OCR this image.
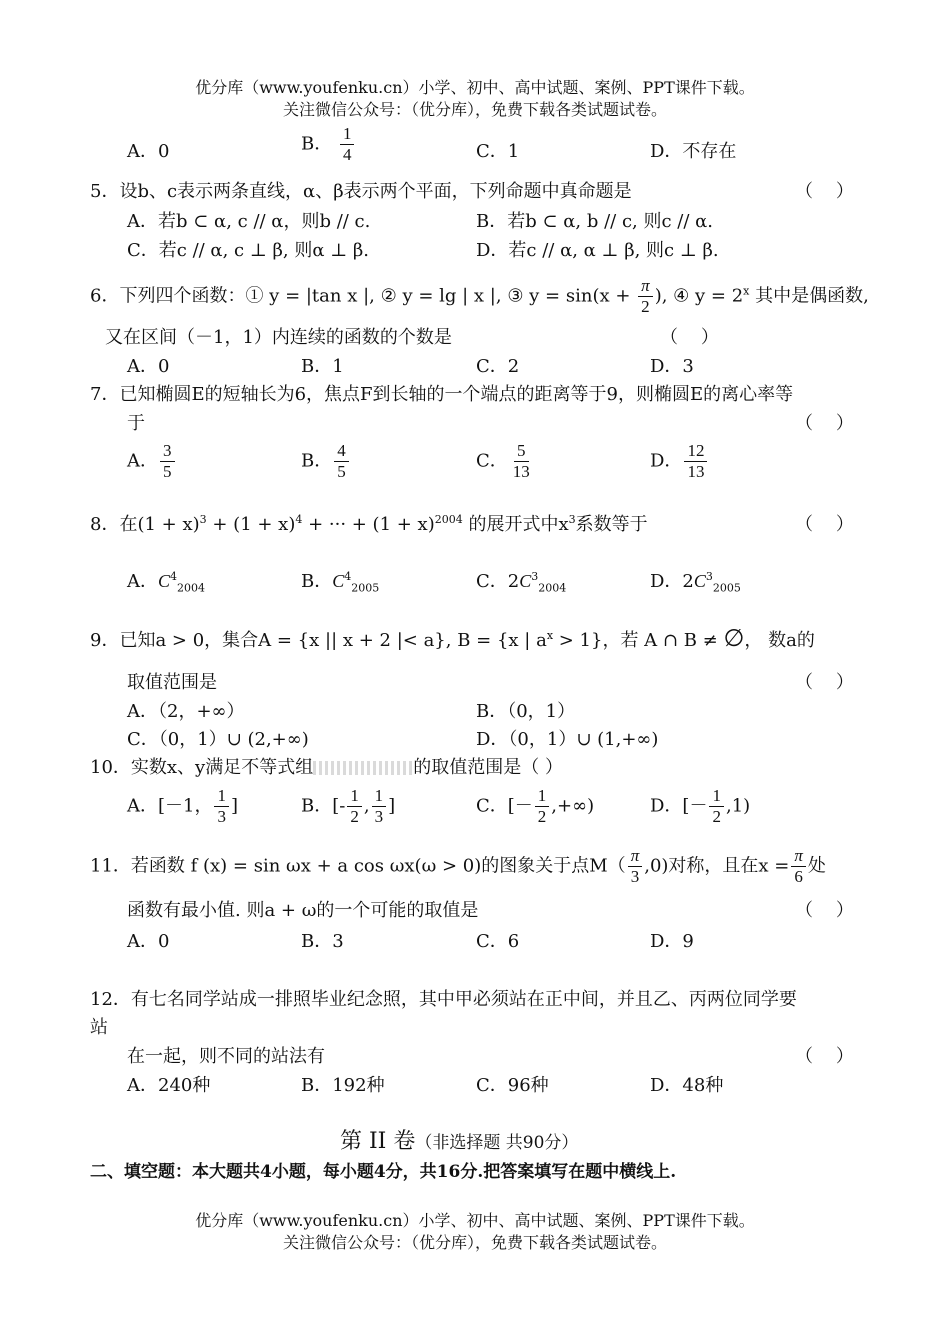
优分库（www.youfenku.cn）小学、初中、高中试题、案例、PPT课件下载。
关注微信公众号：（优分库），免费下载各类试题试卷。
A．0	B． $\frac{1}{4}$	C．1	D．不存在
5．设b、c表示两条直线，α、β表示两个平面，下列命题中真命题是	（    ）
A．若b ⊂ α, c // α，则b // c.	B．若b ⊂ α, b // c, 则c // α.
C．若c // α, c ⊥ β, 则α ⊥ β.	D．若c // α, α ⊥ β, 则c ⊥ β.
6．下列四个函数：① y = |tan x |, ② y = lg | x |, ③ $y = \sin(x + \frac{\pi}{2}$ ), ④ $y = 2^x$ 其中是偶函数,
又在区间（－1，1）内连续的函数的个数是	（    ）
A．0	B．1	C．2	D．3
7．已知椭圆E的短轴长为6，焦点F到长轴的一个端点的距离等于9，则椭圆E的离心率等
于	（    ）
A． $\frac{3}{5}$	B． $\frac{4}{5}$	C． $\frac{5}{13}$	D． $\frac{12}{13}$
8．在$(1 + x)^3 + (1 + x)^4$ + ··· + $(1 + x)^{2004}$ 的展开式中$x^3$系数等于	（    ）
A．$C^4_{2004}$	B．$C^4_{2005}$	C．$2C^3_{2004}$	D．$2C^3_{2005}$
9．已知a > 0，集合A = {x || x + 2 |< a}, B = {x | $a^x > 1$}，若 A ∩ B ≠ ∅， 数a的
取值范围是	（    ）
A．（2，+∞）	B．（0，1）
C．（0，1）∪ (2,+∞)	D．（0，1）∪ (1,+∞)
10．实数x、y满足不等式组	的取值范围是（ ）
A．[－1， $\frac{1}{3}$ ]	B．[- $\frac{1}{2}$ , $\frac{1}{3}$ ]	C．[－ $\frac{1}{2}$ ,+∞)	D．[－ $\frac{1}{2} ,1$)
11．若函数 f (x) = sin ωx + a cos ωx(ω > 0)的图象关于点$M( \frac{\pi}{3} ,0)$对称，且在$x = \frac{\pi}{6}$ 处
函数有最小值. 则a + ω的一个可能的取值是	（    ）
A．0	B．3	C．6	D．9
12．有七名同学站成一排照毕业纪念照，其中甲必须站在正中间，并且乙、丙两位同学要
站
在一起，则不同的站法有	（    ）
A．240种	B．192种	C．96种	D．48种
第 II 卷（非选择题 共90分）
二、填空题：本大题共4小题，每小题4分，共16分.把答案填写在题中横线上.
优分库（www.youfenku.cn）小学、初中、高中试题、案例、PPT课件下载。
关注微信公众号：（优分库），免费下载各类试题试卷。
